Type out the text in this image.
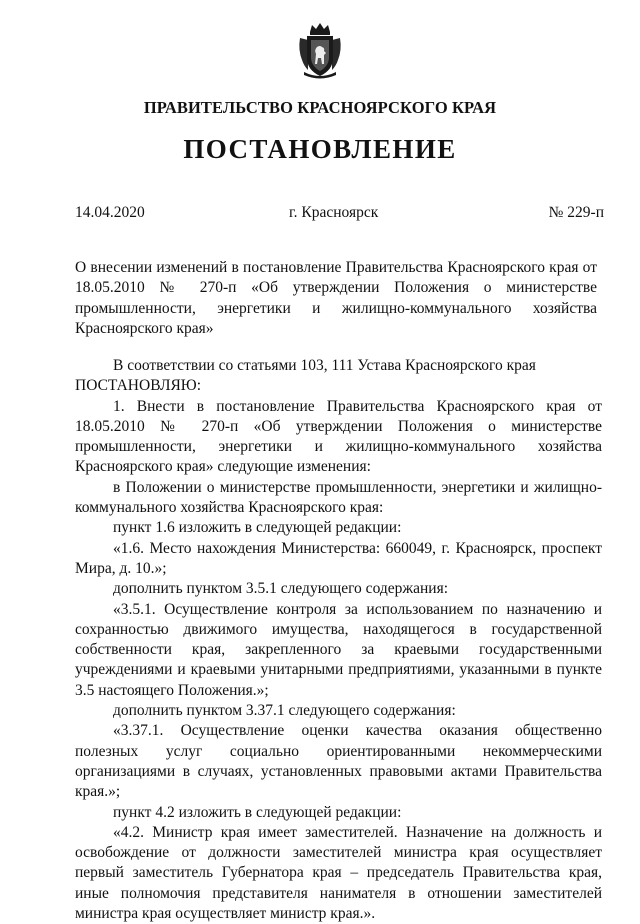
ПРАВИТЕЛЬСТВО КРАСНОЯРСКОГО КРАЯ
ПОСТАНОВЛЕНИЕ
14.04.2020	г. Красноярск	№ 229-п
О внесении изменений в постановление Правительства Красноярского края от 18.05.2010 № 270-п «Об утверждении Положения о министерстве промышленности, энергетики и жилищно-коммунального хозяйства Красноярского края»

В соответствии со статьями 103, 111 Устава Красноярского края

ПОСТАНОВЛЯЮ:

1. Внести в постановление Правительства Красноярского края от 18.05.2010 № 270-п «Об утверждении Положения о министерстве промышленности, энергетики и жилищно-коммунального хозяйства Красноярского края» следующие изменения:

в Положении о министерстве промышленности, энергетики и жилищно-коммунального хозяйства Красноярского края:

пункт 1.6 изложить в следующей редакции:

«1.6. Место нахождения Министерства: 660049, г. Красноярск, проспект Мира, д. 10.»;

дополнить пунктом 3.5.1 следующего содержания:

«3.5.1. Осуществление контроля за использованием по назначению и сохранностью движимого имущества, находящегося в государственной собственности края, закрепленного за краевыми государственными учреждениями и краевыми унитарными предприятиями, указанными в пункте 3.5 настоящего Положения.»;

дополнить пунктом 3.37.1 следующего содержания:

«3.37.1. Осуществление оценки качества оказания общественно полезных услуг социально ориентированными некоммерческими организациями в случаях, установленных правовыми актами Правительства края.»;

пункт 4.2 изложить в следующей редакции:

«4.2. Министр края имеет заместителей. Назначение на должность и освобождение от должности заместителей министра края осуществляет первый заместитель Губернатора края – председатель Правительства края, иные полномочия представителя нанимателя в отношении заместителей министра края осуществляет министр края.».
